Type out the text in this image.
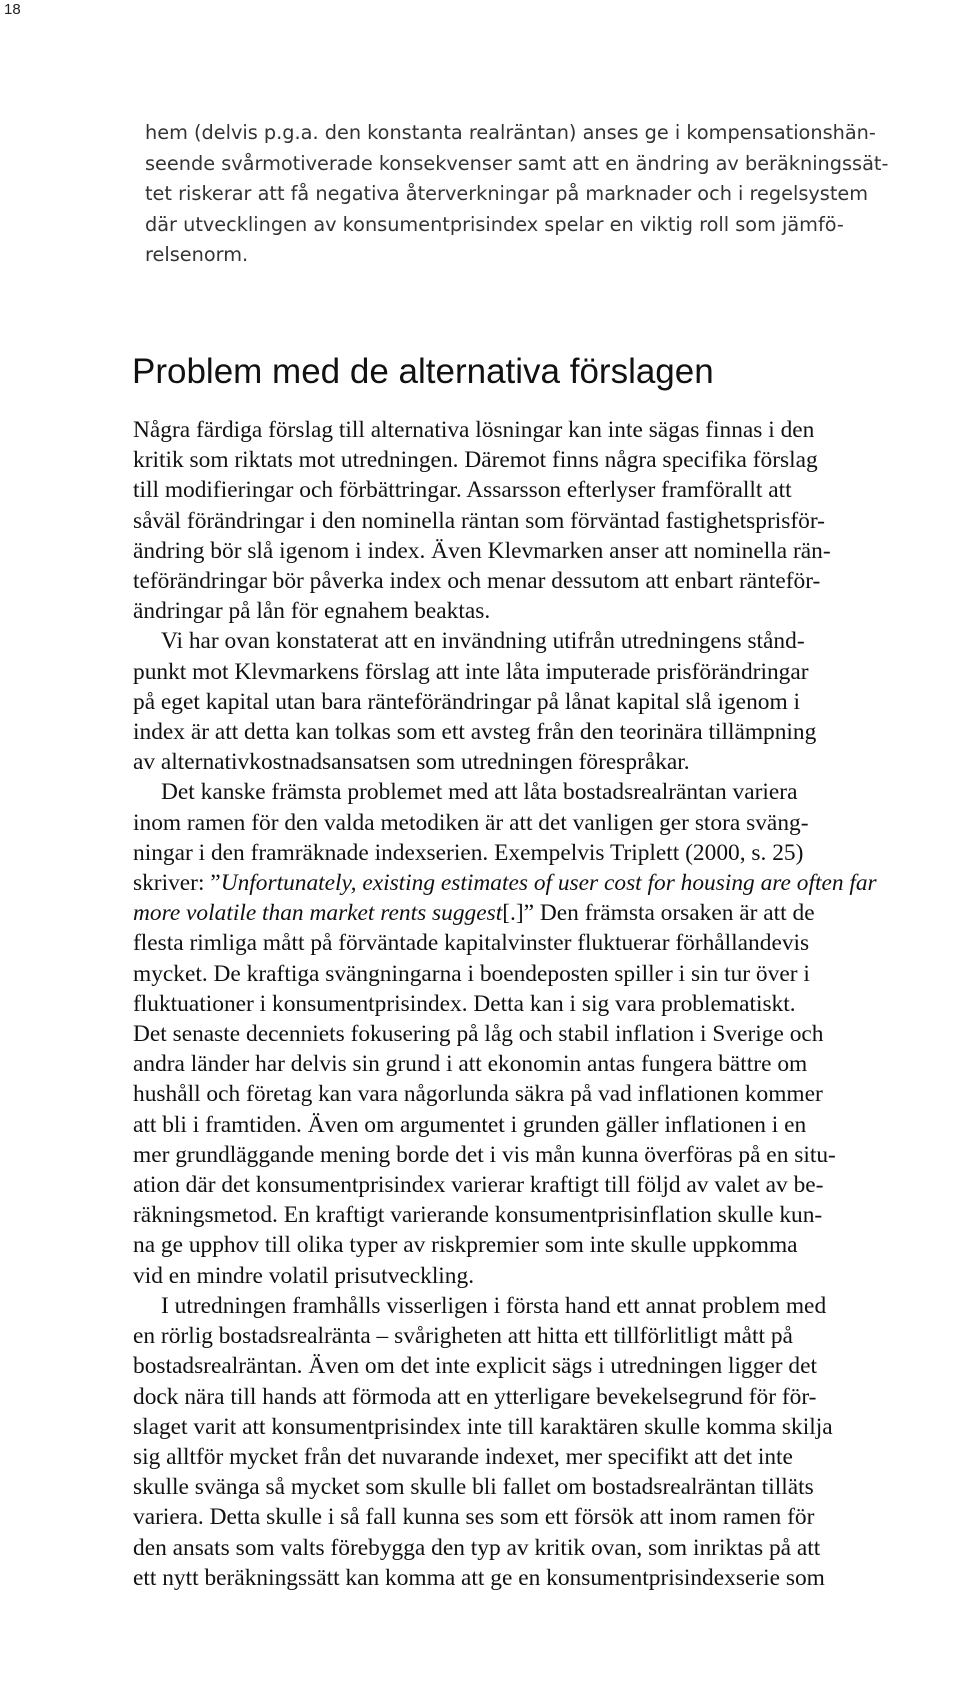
18
hem (delvis p.g.a. den konstanta realräntan) anses ge i kompensationshän-
seende svårmotiverade konsekvenser samt att en ändring av beräkningssät-
tet riskerar att få negativa återverkningar på marknader och i regelsystem
där utvecklingen av konsumentprisindex spelar en viktig roll som jämfö-
relsenorm.
Problem med de alternativa förslagen
Några färdiga förslag till alternativa lösningar kan inte sägas finnas i den
kritik som riktats mot utredningen. Däremot finns några specifika förslag
till modifieringar och förbättringar. Assarsson efterlyser framförallt att
såväl förändringar i den nominella räntan som förväntad fastighetsprisför-
ändring bör slå igenom i index. Även Klevmarken anser att nominella rän-
teförändringar bör påverka index och menar dessutom att enbart ränteför-
ändringar på lån för egnahem beaktas.
Vi har ovan konstaterat att en invändning utifrån utredningens stånd-
punkt mot Klevmarkens förslag att inte låta imputerade prisförändringar
på eget kapital utan bara ränteförändringar på lånat kapital slå igenom i
index är att detta kan tolkas som ett avsteg från den teorinära tillämpning
av alternativkostnadsansatsen som utredningen förespråkar.
Det kanske främsta problemet med att låta bostadsrealräntan variera
inom ramen för den valda metodiken är att det vanligen ger stora sväng-
ningar i den framräknade indexserien. Exempelvis Triplett (2000, s. 25)
skriver: ”Unfortunately, existing estimates of user cost for housing are often far
more volatile than market rents suggest[.]” Den främsta orsaken är att de
flesta rimliga mått på förväntade kapitalvinster fluktuerar förhållandevis
mycket. De kraftiga svängningarna i boendeposten spiller i sin tur över i
fluktuationer i konsumentprisindex. Detta kan i sig vara problematiskt.
Det senaste decenniets fokusering på låg och stabil inflation i Sverige och
andra länder har delvis sin grund i att ekonomin antas fungera bättre om
hushåll och företag kan vara någorlunda säkra på vad inflationen kommer
att bli i framtiden. Även om argumentet i grunden gäller inflationen i en
mer grundläggande mening borde det i vis mån kunna överföras på en situ-
ation där det konsumentprisindex varierar kraftigt till följd av valet av be-
räkningsmetod. En kraftigt varierande konsumentprisinflation skulle kun-
na ge upphov till olika typer av riskpremier som inte skulle uppkomma
vid en mindre volatil prisutveckling.
I utredningen framhålls visserligen i första hand ett annat problem med
en rörlig bostadsrealränta – svårigheten att hitta ett tillförlitligt mått på
bostadsrealräntan. Även om det inte explicit sägs i utredningen ligger det
dock nära till hands att förmoda att en ytterligare bevekelsegrund för för-
slaget varit att konsumentprisindex inte till karaktären skulle komma skilja
sig alltför mycket från det nuvarande indexet, mer specifikt att det inte
skulle svänga så mycket som skulle bli fallet om bostadsrealräntan tilläts
variera. Detta skulle i så fall kunna ses som ett försök att inom ramen för
den ansats som valts förebygga den typ av kritik ovan, som inriktas på att
ett nytt beräkningssätt kan komma att ge en konsumentprisindexserie som
